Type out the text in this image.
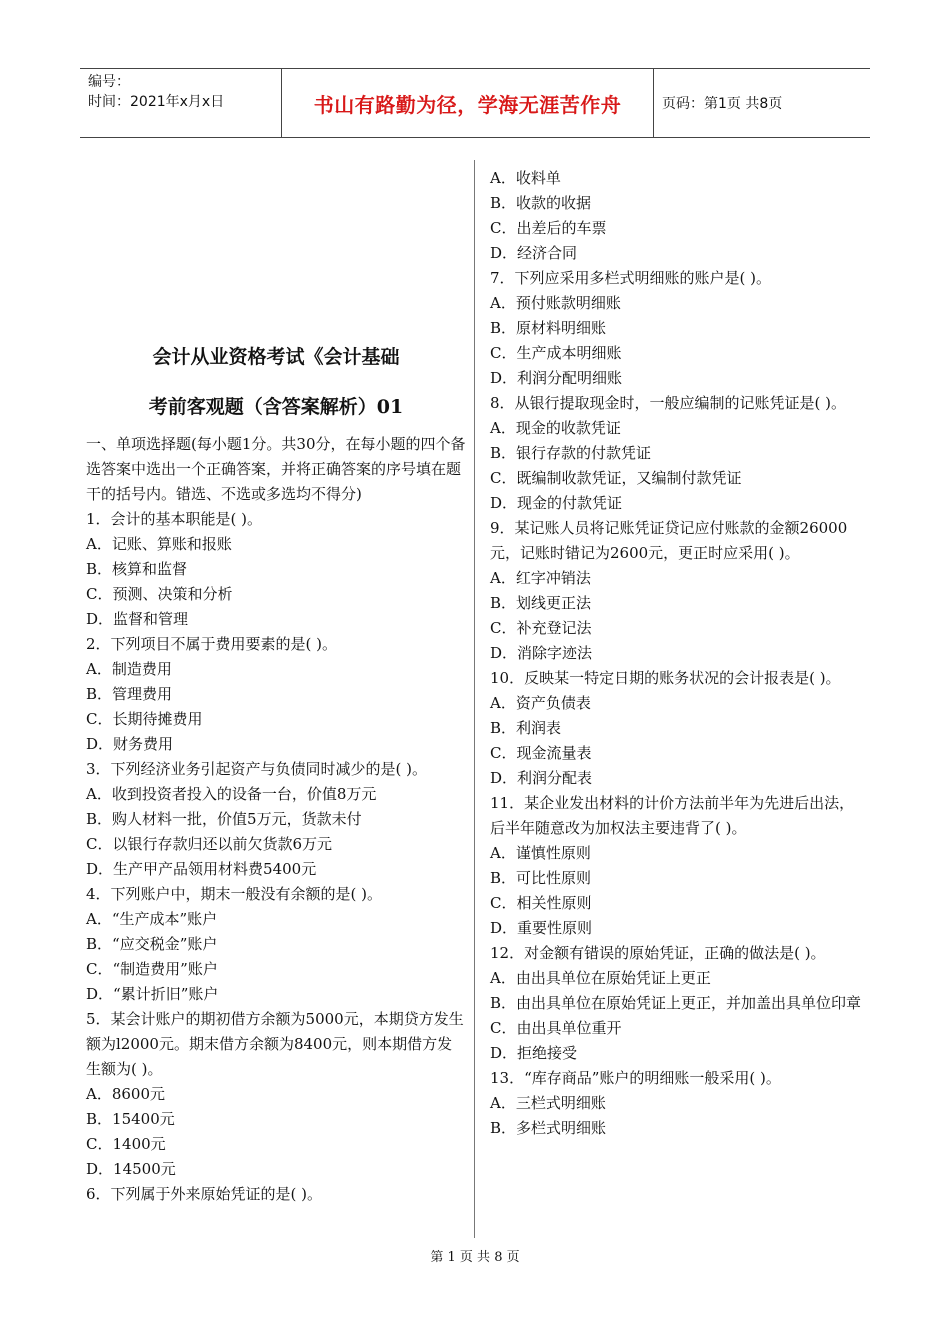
编号：
时间：2021年x月x日	书山有路勤为径，学海无涯苦作舟	页码：第1页 共8页
会计从业资格考试《会计基础
考前客观题（含答案解析）01

一、单项选择题(每小题1分。共30分，在每小题的四个备选答案中选出一个正确答案，并将正确答案的序号填在题干的括号内。错选、不选或多选均不得分)

1．会计的基本职能是( )。

A．记账、算账和报账

B．核算和监督

C．预测、决策和分析

D．监督和管理

2．下列项目不属于费用要素的是( )。

A．制造费用

B．管理费用

C．长期待摊费用

D．财务费用

3．下列经济业务引起资产与负债同时减少的是( )。

A．收到投资者投入的设备一台，价值8万元

B．购人材料一批，价值5万元，货款未付

C．以银行存款归还以前欠货款6万元

D．生产甲产品领用材料费5400元

4．下列账户中，期末一般没有余额的是( )。

A．“生产成本”账户

B．“应交税金”账户

C．“制造费用”账户

D．“累计折旧”账户

5．某会计账户的期初借方余额为5000元，本期贷方发生额为l2000元。期末借方余额为8400元，则本期借方发生额为( )。

A．8600元

B．15400元

C．1400元

D．14500元

6．下列属于外来原始凭证的是( )。

A．收料单

B．收款的收据

C．出差后的车票

D．经济合同

7．下列应采用多栏式明细账的账户是( )。

A．预付账款明细账

B．原材料明细账

C．生产成本明细账

D．利润分配明细账

8．从银行提取现金时，一般应编制的记账凭证是( )。

A．现金的收款凭证

B．银行存款的付款凭证

C．既编制收款凭证，又编制付款凭证

D．现金的付款凭证

9．某记账人员将记账凭证贷记应付账款的金额26000元，记账时错记为2600元，更正时应采用( )。

A．红字冲销法

B．划线更正法

C．补充登记法

D．消除字迹法

10．反映某一特定日期的账务状况的会计报表是( )。

A．资产负债表

B．利润表

C．现金流量表

D．利润分配表

11．某企业发出材料的计价方法前半年为先进后出法，后半年随意改为加权法主要违背了( )。

A．谨慎性原则

B．可比性原则

C．相关性原则

D．重要性原则

12．对金额有错误的原始凭证，正确的做法是( )。

A．由出具单位在原始凭证上更正

B．由出具单位在原始凭证上更正，并加盖出具单位印章

C．由出具单位重开

D．拒绝接受

13．“库存商品”账户的明细账一般采用( )。

A．三栏式明细账

B．多栏式明细账

第 1 页 共 8 页
